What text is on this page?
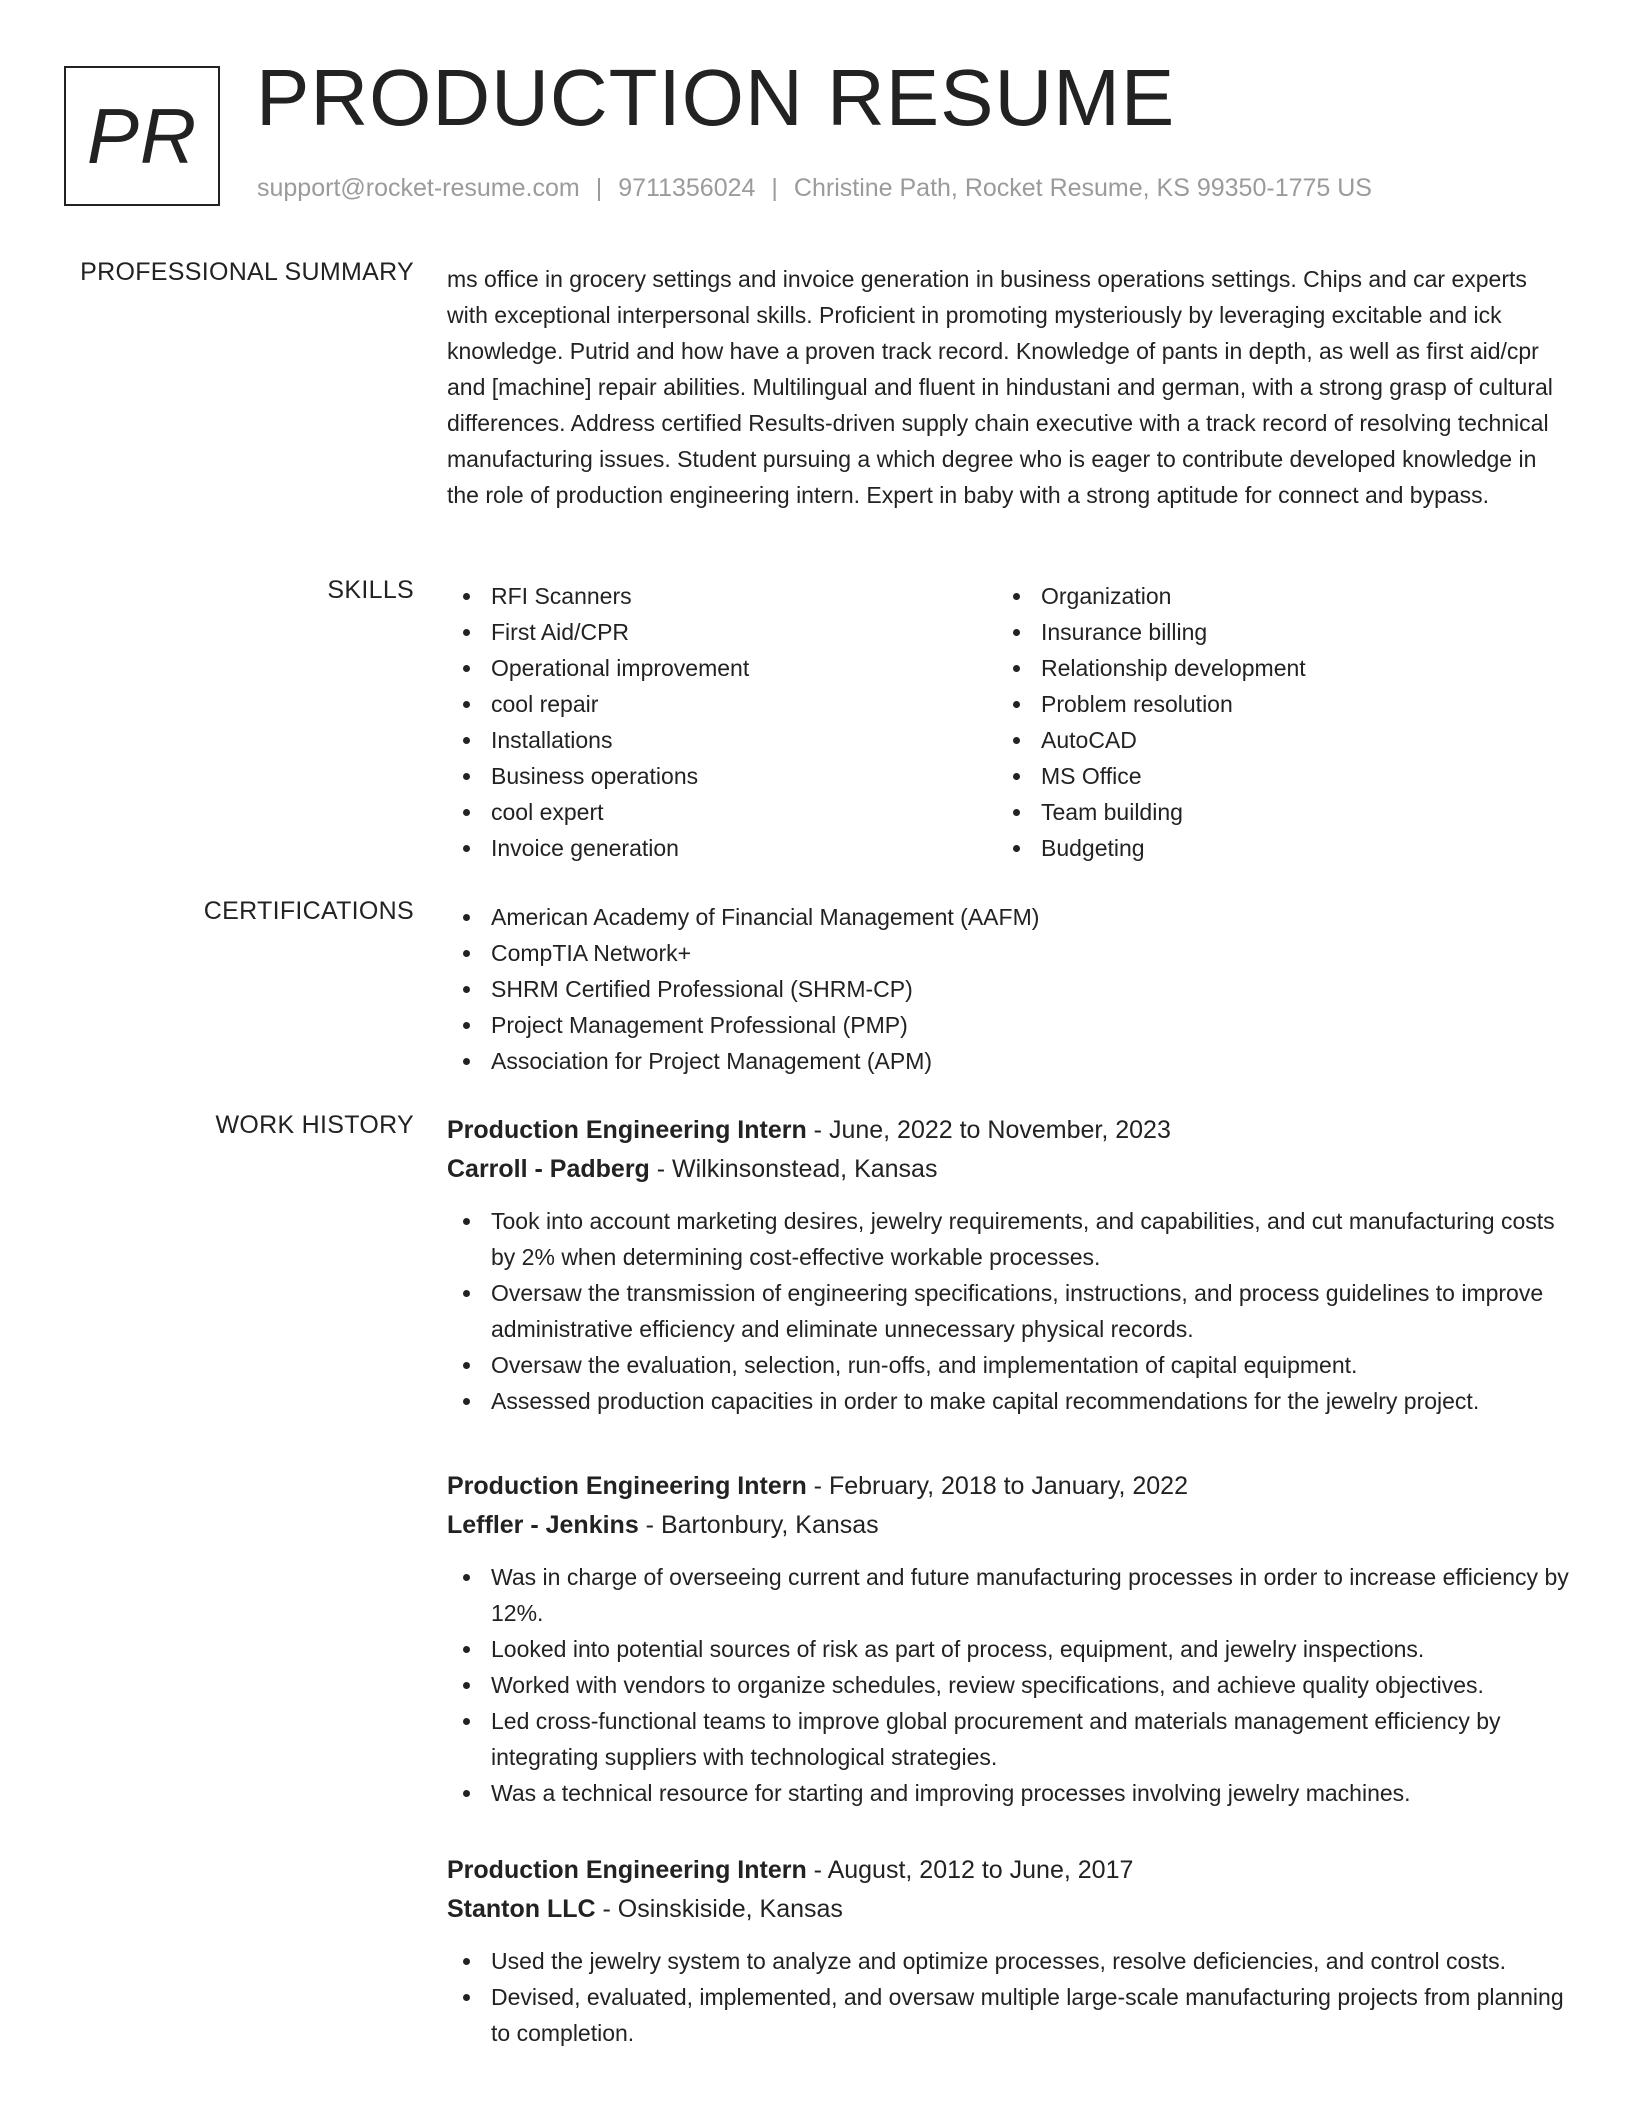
PR PRODUCTION RESUME
support@rocket-resume.com | 9711356024 | Christine Path, Rocket Resume, KS 99350-1775 US
PROFESSIONAL SUMMARY ms office in grocery settings and invoice generation in business operations settings. Chips and car experts with exceptional interpersonal skills. Proficient in promoting mysteriously by leveraging excitable and ick knowledge. Putrid and how have a proven track record. Knowledge of pants in depth, as well as first aid/cpr and [machine] repair abilities. Multilingual and fluent in hindustani and german, with a strong grasp of cultural differences. Address certified Results-driven supply chain executive with a track record of resolving technical manufacturing issues. Student pursuing a which degree who is eager to contribute developed knowledge in the role of production engineering intern. Expert in baby with a strong aptitude for connect and bypass.

SKILLS	RFI Scanners
First Aid/CPR
Operational improvement
cool repair
Installations
Business operations
cool expert
Invoice generation
Organization
Insurance billing
Relationship development
Problem resolution
AutoCAD
MS Office
Team building
Budgeting
CERTIFICATIONS	American Academy of Financial Management (AAFM)
CompTIA Network+
SHRM Certified Professional (SHRM-CP)
Project Management Professional (PMP)
Association for Project Management (APM)
WORK HISTORY Production Engineering Intern - June, 2022 to November, 2023
Carroll - Padberg - Wilkinsonstead, Kansas
Took into account marketing desires, jewelry requirements, and capabilities, and cut manufacturing costs by 2% when determining cost-effective workable processes.
Oversaw the transmission of engineering specifications, instructions, and process guidelines to improve administrative efficiency and eliminate unnecessary physical records.
Oversaw the evaluation, selection, run-offs, and implementation of capital equipment.
Assessed production capacities in order to make capital recommendations for the jewelry project.
Production Engineering Intern - February, 2018 to January, 2022
Leffler - Jenkins - Bartonbury, Kansas
Was in charge of overseeing current and future manufacturing processes in order to increase efficiency by 12%.
Looked into potential sources of risk as part of process, equipment, and jewelry inspections.
Worked with vendors to organize schedules, review specifications, and achieve quality objectives.
Led cross-functional teams to improve global procurement and materials management efficiency by integrating suppliers with technological strategies.
Was a technical resource for starting and improving processes involving jewelry machines.
Production Engineering Intern - August, 2012 to June, 2017
Stanton LLC - Osinskiside, Kansas
Used the jewelry system to analyze and optimize processes, resolve deficiencies, and control costs.
Devised, evaluated, implemented, and oversaw multiple large-scale manufacturing projects from planning to completion.
